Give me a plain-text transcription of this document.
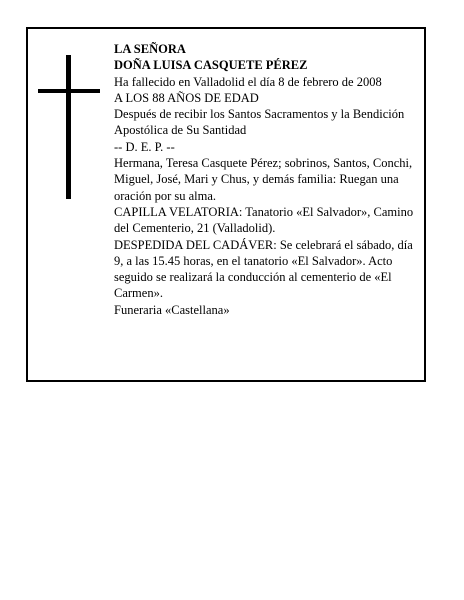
LA SEÑORA

DOÑA LUISA CASQUETE PÉREZ

Ha fallecido en Valladolid el día 8 de febrero de 2008

A LOS 88 AÑOS DE EDAD

Después de recibir los Santos Sacramentos y la Bendición Apostólica de Su Santidad

-- D. E. P. --

Hermana, Teresa Casquete Pérez; sobrinos, Santos, Conchi, Miguel, José, Mari y Chus, y demás familia: Ruegan una oración por su alma.

CAPILLA VELATORIA: Tanatorio «El Salvador», Camino del Cementerio, 21 (Valladolid).

DESPEDIDA DEL CADÁVER: Se celebrará el sábado, día 9, a las 15.45 horas, en el tanatorio «El Salvador». Acto seguido se realizará la conducción al cementerio de «El Carmen».

Funeraria «Castellana»
